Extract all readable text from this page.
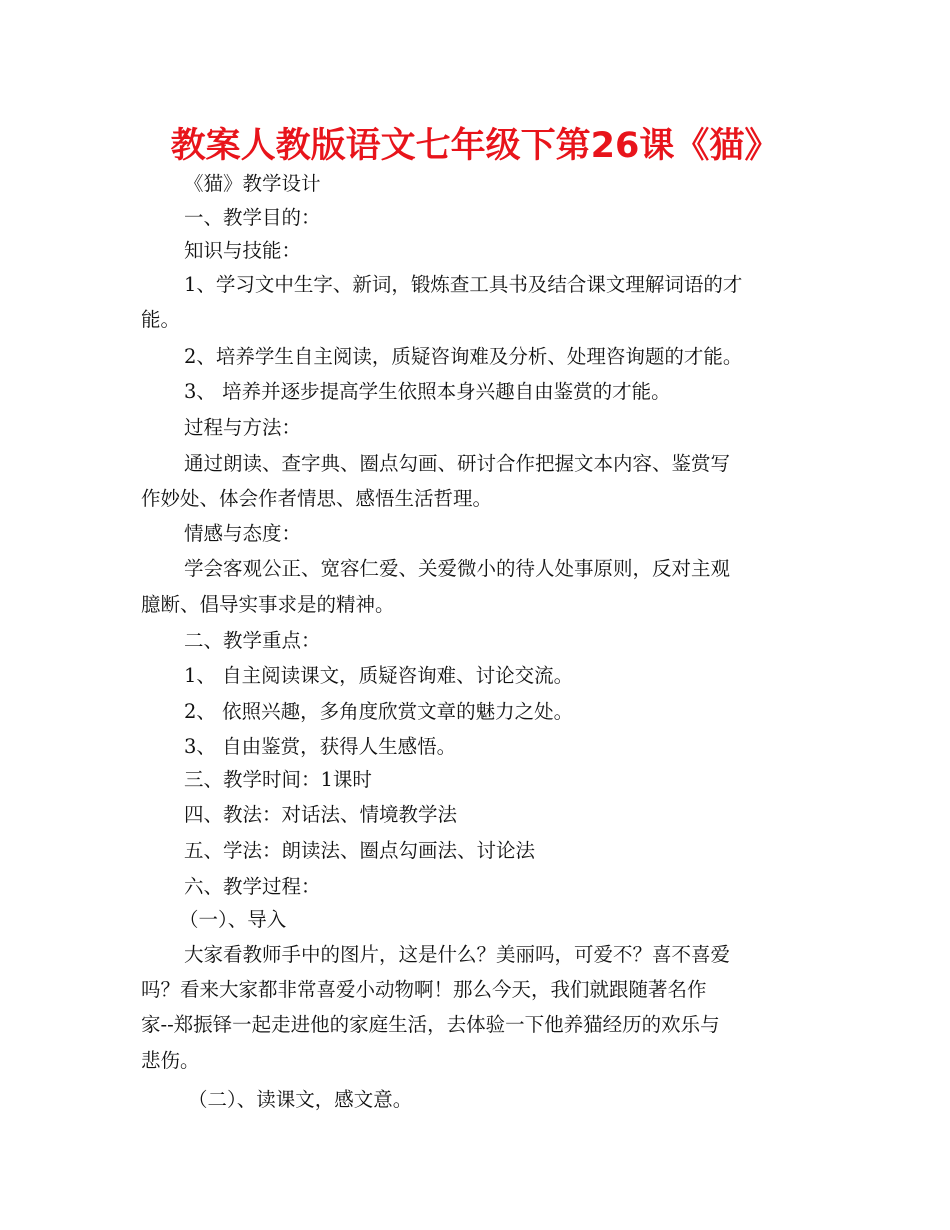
教案人教版语文七年级下第26课《猫》
《猫》教学设计
一、教学目的：
知识与技能：
1、学习文中生字、新词，锻炼查工具书及结合课文理解词语的才
能。
2、培养学生自主阅读，质疑咨询难及分析、处理咨询题的才能。
3、 培养并逐步提高学生依照本身兴趣自由鉴赏的才能。
过程与方法：
通过朗读、查字典、圈点勾画、研讨合作把握文本内容、鉴赏写
作妙处、体会作者情思、感悟生活哲理。
情感与态度：
学会客观公正、宽容仁爱、关爱微小的待人处事原则，反对主观
臆断、倡导实事求是的精神。
二、教学重点：
1、 自主阅读课文，质疑咨询难、讨论交流。
2、 依照兴趣，多角度欣赏文章的魅力之处。
3、 自由鉴赏，获得人生感悟。
三、教学时间：1课时
四、教法：对话法、情境教学法
五、学法：朗读法、圈点勾画法、讨论法
六、教学过程：
（一）、导入
大家看教师手中的图片，这是什么？美丽吗，可爱不？喜不喜爱
吗？看来大家都非常喜爱小动物啊！那么今天，我们就跟随著名作
家--郑振铎一起走进他的家庭生活，去体验一下他养猫经历的欢乐与
悲伤。
（二）、读课文，感文意。
